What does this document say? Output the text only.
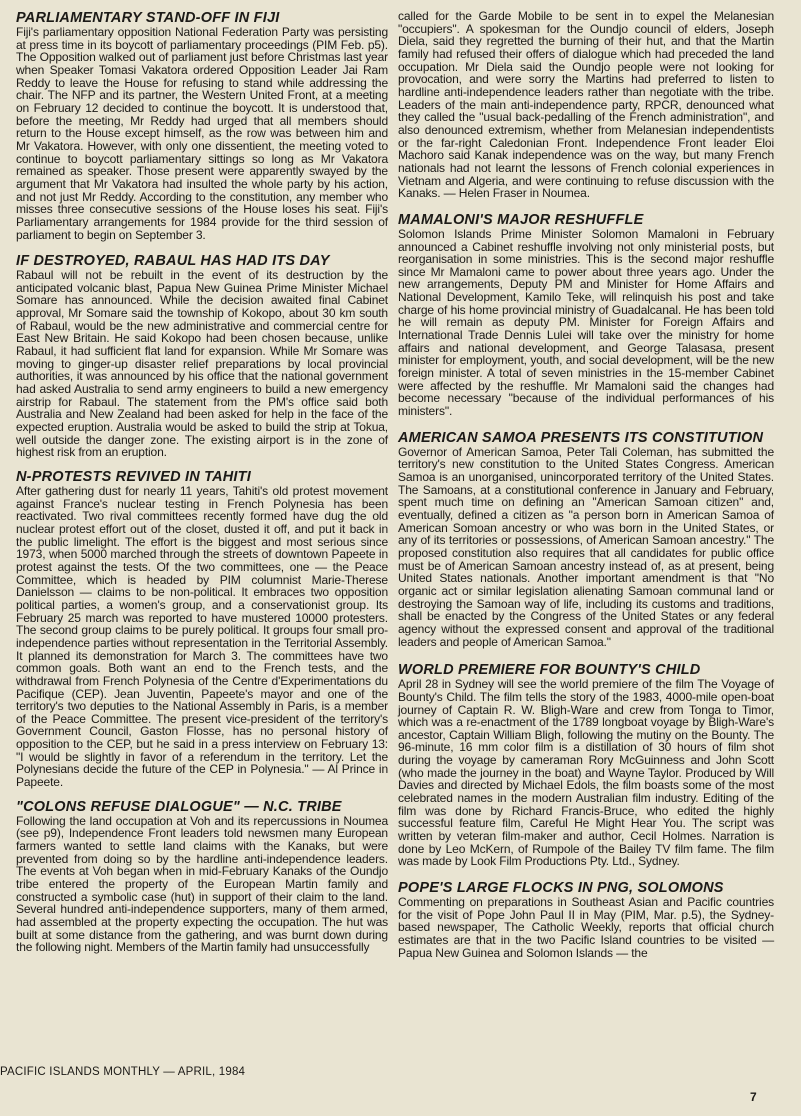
PARLIAMENTARY STAND-OFF IN FIJI

Fiji's parliamentary opposition National Federation Party was persisting at press time in its boycott of parliamentary proceedings (PIM Feb. p5). The Opposition walked out of parliament just before Christmas last year when Speaker Tomasi Vakatora ordered Opposition Leader Jai Ram Reddy to leave the House for refusing to stand while addressing the chair. The NFP and its partner, the Western United Front, at a meeting on February 12 decided to continue the boycott. It is understood that, before the meeting, Mr Reddy had urged that all members should return to the House except himself, as the row was between him and Mr Vakatora. However, with only one dissentient, the meeting voted to continue to boycott parliamentary sittings so long as Mr Vakatora remained as speaker. Those present were apparently swayed by the argument that Mr Vakatora had insulted the whole party by his action, and not just Mr Reddy. According to the constitution, any member who misses three consecutive sessions of the House loses his seat. Fiji's Parliamentary arrangements for 1984 provide for the third session of parliament to begin on September 3.

IF DESTROYED, RABAUL HAS HAD ITS DAY

Rabaul will not be rebuilt in the event of its destruction by the anticipated volcanic blast, Papua New Guinea Prime Minister Michael Somare has announced. While the decision awaited final Cabinet approval, Mr Somare said the township of Kokopo, about 30 km south of Rabaul, would be the new administrative and commercial centre for East New Britain. He said Kokopo had been chosen because, unlike Rabaul, it had sufficient flat land for expansion. While Mr Somare was moving to ginger-up disaster relief preparations by local provincial authorities, it was announced by his office that the national government had asked Australia to send army engineers to build a new emergency airstrip for Rabaul. The statement from the PM's office said both Australia and New Zealand had been asked for help in the face of the expected eruption. Australia would be asked to build the strip at Tokua, well outside the danger zone. The existing airport is in the zone of highest risk from an eruption.

N-PROTESTS REVIVED IN TAHITI

After gathering dust for nearly 11 years, Tahiti's old protest movement against France's nuclear testing in French Polynesia has been reactivated. Two rival committees recently formed have dug the old nuclear protest effort out of the closet, dusted it off, and put it back in the public limelight. The effort is the biggest and most serious since 1973, when 5000 marched through the streets of downtown Papeete in protest against the tests. Of the two committees, one — the Peace Committee, which is headed by PIM columnist Marie-Therese Danielsson — claims to be non-political. It embraces two opposition political parties, a women's group, and a conservationist group. Its February 25 march was reported to have mustered 10000 protesters. The second group claims to be purely political. It groups four small pro-independence parties without representation in the Territorial Assembly. It planned its demonstration for March 3. The committees have two common goals. Both want an end to the French tests, and the withdrawal from French Polynesia of the Centre d'Experimentations du Pacifique (CEP). Jean Juventin, Papeete's mayor and one of the territory's two deputies to the National Assembly in Paris, is a member of the Peace Committee. The present vice-president of the territory's Government Council, Gaston Flosse, has no personal history of opposition to the CEP, but he said in a press interview on February 13: "I would be slightly in favor of a referendum in the territory. Let the Polynesians decide the future of the CEP in Polynesia." — Al Prince in Papeete.

"COLONS REFUSE DIALOGUE" — N.C. TRIBE

Following the land occupation at Voh and its repercussions in Noumea (see p9), Independence Front leaders told newsmen many European farmers wanted to settle land claims with the Kanaks, but were prevented from doing so by the hardline anti-independence leaders. The events at Voh began when in mid-February Kanaks of the Oundjo tribe entered the property of the European Martin family and constructed a symbolic case (hut) in support of their claim to the land. Several hundred anti-independence supporters, many of them armed, had assembled at the property expecting the occupation. The hut was built at some distance from the gathering, and was burnt down during the following night. Members of the Martin family had unsuccessfully

called for the Garde Mobile to be sent in to expel the Melanesian "occupiers". A spokesman for the Oundjo council of elders, Joseph Diela, said they regretted the burning of their hut, and that the Martin family had refused their offers of dialogue which had preceded the land occupation. Mr Diela said the Oundjo people were not looking for provocation, and were sorry the Martins had preferred to listen to hardline anti-independence leaders rather than negotiate with the tribe. Leaders of the main anti-independence party, RPCR, denounced what they called the "usual back-pedalling of the French administration", and also denounced extremism, whether from Melanesian independentists or the far-right Caledonian Front. Independence Front leader Eloi Machoro said Kanak independence was on the way, but many French nationals had not learnt the lessons of French colonial experiences in Vietnam and Algeria, and were continuing to refuse discussion with the Kanaks. — Helen Fraser in Noumea.

MAMALONI'S MAJOR RESHUFFLE

Solomon Islands Prime Minister Solomon Mamaloni in February announced a Cabinet reshuffle involving not only ministerial posts, but reorganisation in some ministries. This is the second major reshuffle since Mr Mamaloni came to power about three years ago. Under the new arrangements, Deputy PM and Minister for Home Affairs and National Development, Kamilo Teke, will relinquish his post and take charge of his home provincial ministry of Guadalcanal. He has been told he will remain as deputy PM. Minister for Foreign Affairs and International Trade Dennis Lulei will take over the ministry for home affairs and national development, and George Talasasa, present minister for employment, youth, and social development, will be the new foreign minister. A total of seven ministries in the 15-member Cabinet were affected by the reshuffle. Mr Mamaloni said the changes had become necessary "because of the individual performances of his ministers".

AMERICAN SAMOA PRESENTS ITS CONSTITUTION

Governor of American Samoa, Peter Tali Coleman, has submitted the territory's new constitution to the United States Congress. American Samoa is an unorganised, unincorporated territory of the United States. The Samoans, at a constitutional conference in January and February, spent much time on defining an "American Samoan citizen" and, eventually, defined a citizen as "a person born in American Samoa of American Somoan ancestry or who was born in the United States, or any of its territories or possessions, of American Samoan ancestry." The proposed constitution also requires that all candidates for public office must be of American Samoan ancestry instead of, as at present, being United States nationals. Another important amendment is that "No organic act or similar legislation alienating Samoan communal land or destroying the Samoan way of life, including its customs and traditions, shall be enacted by the Congress of the United States or any federal agency without the expressed consent and approval of the traditional leaders and people of American Samoa."

WORLD PREMIERE FOR BOUNTY'S CHILD

April 28 in Sydney will see the world premiere of the film The Voyage of Bounty's Child. The film tells the story of the 1983, 4000-mile open-boat journey of Captain R. W. Bligh-Ware and crew from Tonga to Timor, which was a re-enactment of the 1789 longboat voyage by Bligh-Ware's ancestor, Captain William Bligh, following the mutiny on the Bounty. The 96-minute, 16 mm color film is a distillation of 30 hours of film shot during the voyage by cameraman Rory McGuinness and John Scott (who made the journey in the boat) and Wayne Taylor. Produced by Will Davies and directed by Michael Edols, the film boasts some of the most celebrated names in the modern Australian film industry. Editing of the film was done by Richard Francis-Bruce, who edited the highly successful feature film, Careful He Might Hear You. The script was written by veteran film-maker and author, Cecil Holmes. Narration is done by Leo McKern, of Rumpole of the Bailey TV film fame. The film was made by Look Film Productions Pty. Ltd., Sydney.

POPE'S LARGE FLOCKS IN PNG, SOLOMONS

Commenting on preparations in Southeast Asian and Pacific countries for the visit of Pope John Paul II in May (PIM, Mar. p.5), the Sydney-based newspaper, The Catholic Weekly, reports that official church estimates are that in the two Pacific Island countries to be visited — Papua New Guinea and Solomon Islands — the

PACIFIC ISLANDS MONTHLY — APRIL, 1984
7
